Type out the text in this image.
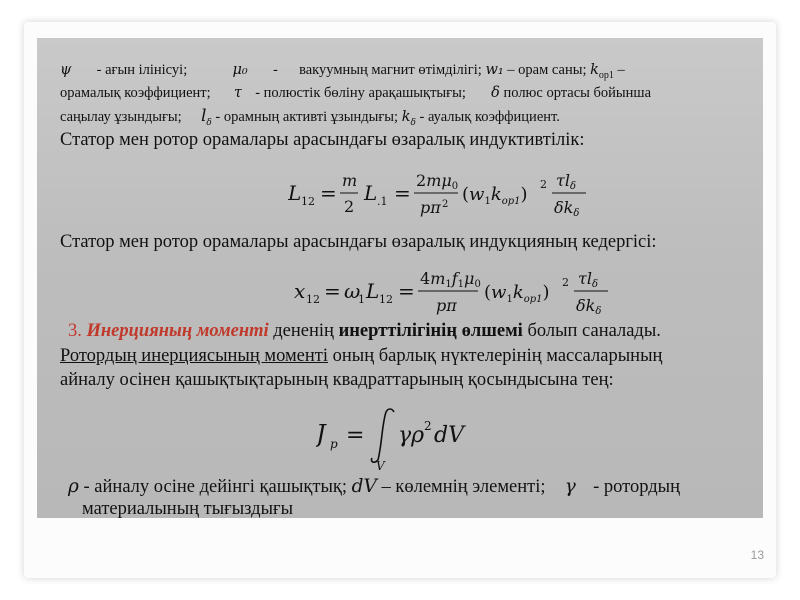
ψ - ағын ілінісуі;	μ₀ - вакуумның магнит өтімділігі; w₁ – орам саны; $k_{ор1}$ –
орамалық коэффициент; τ - полюстік бөліну арақашықтығы; δ полюс ортасы бойынша
саңылау ұзындығы; $l_\delta$ - орамның активті ұзындығы; $k_\delta$ - ауалық коэффициент.
Статор мен ротор орамалары арасындағы өзаралық индуктивтілік:
L 12 =
m
2
L .1 =
2mμ0
pπ 2 $(w_1k_{ор1})$ 2 τlδ
δkδ
Статор мен ротор орамалары арасындағы өзаралық индукцияның кедергісі:
x 12 = ω
1 L 12 =
4m1f1μ0
pπ
$(w_1k_{ор1})$ 2 τlδ
δkδ
3. Инерцияның моменті дененің инерттілігінің өлшемі болып саналады.
Ротордың инерциясының моменті оның барлық нүктелерінің массаларының
айналу осінен қашықтықтарының квадраттарының қосындысына тең:
J p =
V
γρ 2 dV
ρ - айналу осіне дейінгі қашықтық; dV – көлемнің элементі; γ - ротордың
материалының тығыздығы
13
